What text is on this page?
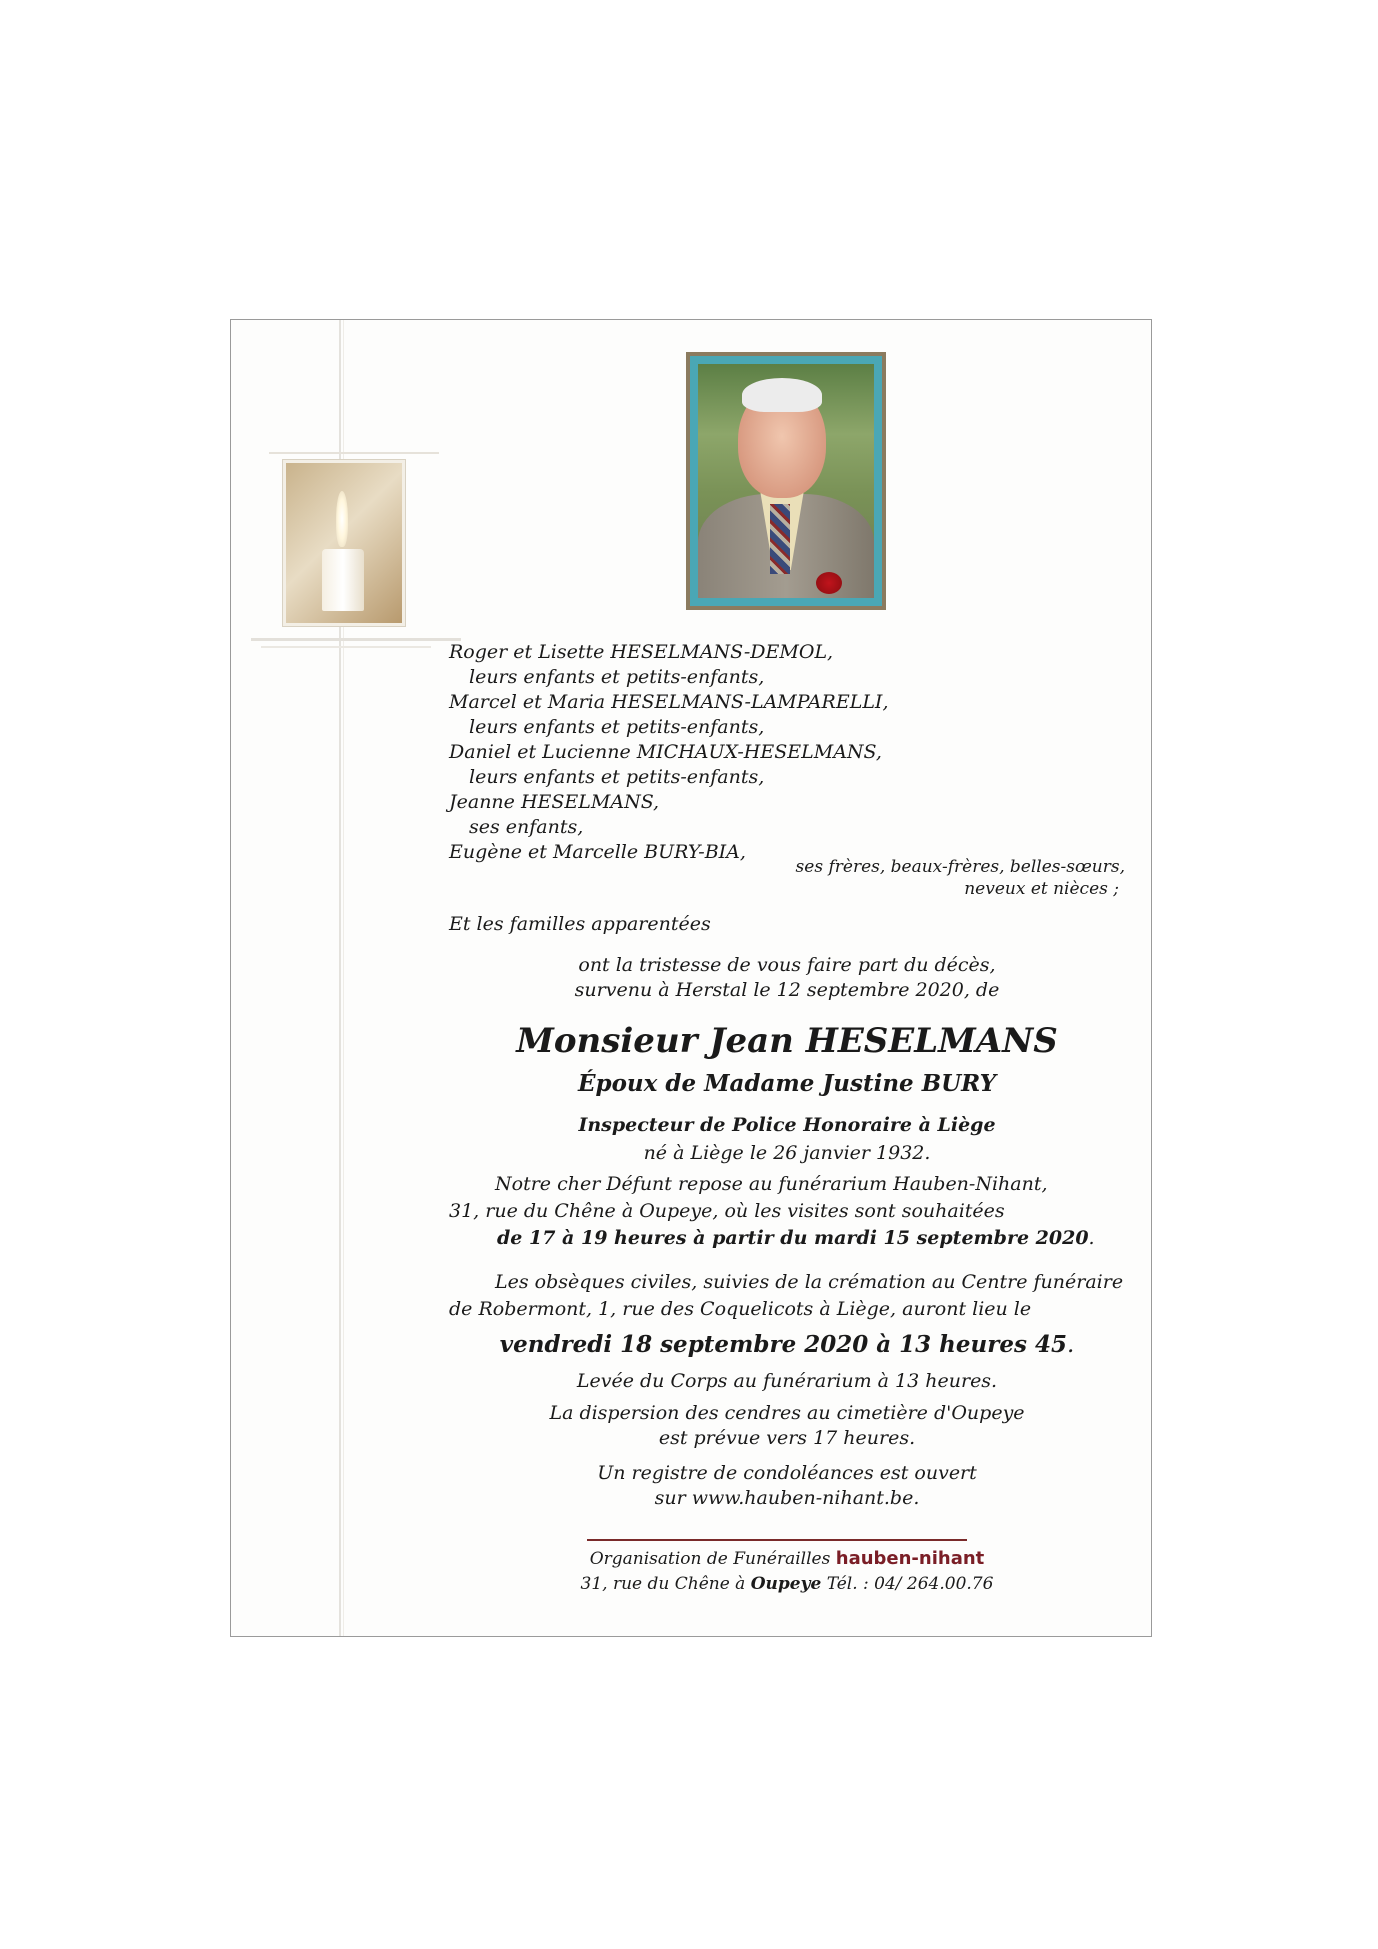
Roger et Lisette HESELMANS-DEMOL,

leurs enfants et petits-enfants,

Marcel et Maria HESELMANS-LAMPARELLI,

leurs enfants et petits-enfants,

Daniel et Lucienne MICHAUX-HESELMANS,

leurs enfants et petits-enfants,

Jeanne HESELMANS,

ses enfants,

Eugène et Marcelle BURY-BIA,

ses frères, beaux-frères, belles-sœurs,

neveux et nièces ;

Et les familles apparentées

ont la tristesse de vous faire part du décès,

survenu à Herstal le 12 septembre 2020, de

Monsieur Jean HESELMANS

Époux de Madame Justine BURY

Inspecteur de Police Honoraire à Liège

né à Liège le 26 janvier 1932.

Notre cher Défunt repose au funérarium Hauben-Nihant,

31, rue du Chêne à Oupeye, où les visites sont souhaitées

de 17 à 19 heures à partir du mardi 15 septembre 2020.

Les obsèques civiles, suivies de la crémation au Centre funéraire

de Robermont, 1, rue des Coquelicots à Liège, auront lieu le

vendredi 18 septembre 2020 à 13 heures 45.

Levée du Corps au funérarium à 13 heures.

La dispersion des cendres au cimetière d'Oupeye

est prévue vers 17 heures.

Un registre de condoléances est ouvert

sur www.hauben-nihant.be.

Organisation de Funérailles hauben-nihant

31, rue du Chêne à Oupeye Tél. : 04/ 264.00.76
